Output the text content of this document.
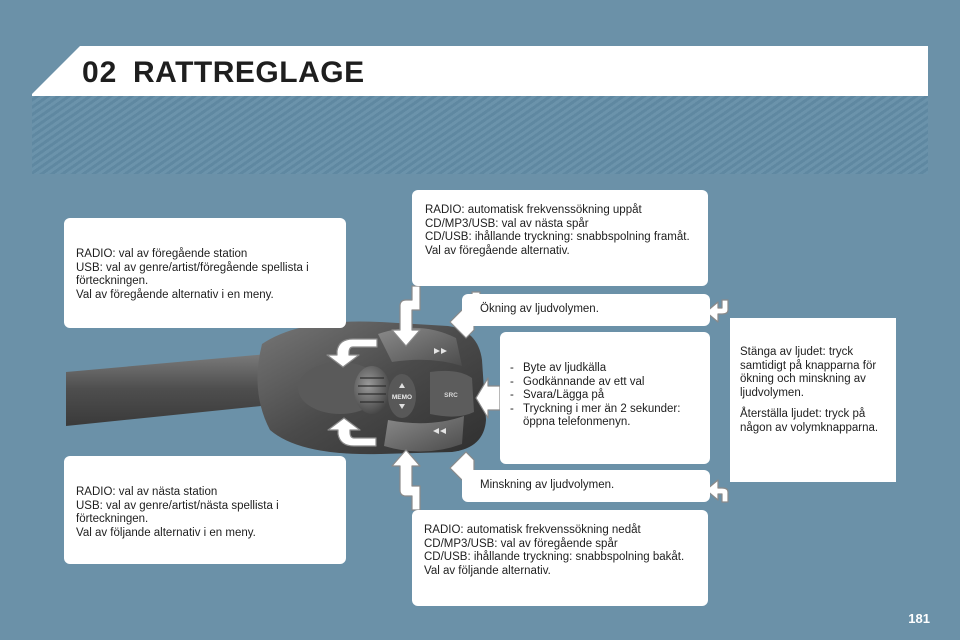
02 RATTREGLAGE
MEMO	SRC
RADIO: val av föregående station
USB: val av genre/artist/föregående spellista i förteckningen.
Val av föregående alternativ i en meny.
RADIO: val av nästa station
USB: val av genre/artist/nästa spellista i förteckningen.
Val av följande alternativ i en meny.
RADIO: automatisk frekvenssökning uppåt
CD/MP3/USB: val av nästa spår
CD/USB: ihållande tryckning: snabbspolning framåt.
Val av föregående alternativ.
RADIO: automatisk frekvenssökning nedåt
CD/MP3/USB: val av föregående spår
CD/USB: ihållande tryckning: snabbspolning bakåt.
Val av följande alternativ.
Ökning av ljudvolymen.
Minskning av ljudvolymen.
- Byte av ljudkälla
- Godkännande av ett val
- Svara/Lägga på
- Tryckning i mer än 2 sekunder: öppna telefonmenyn.

Stänga av ljudet: tryck samtidigt på knapparna för ökning och minskning av ljudvolymen.

Återställa ljudet: tryck på någon av volymknapparna.

181
